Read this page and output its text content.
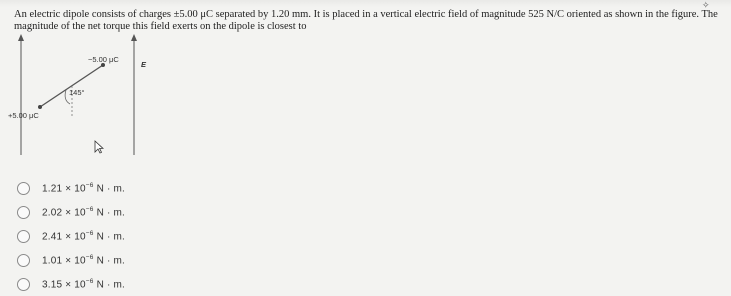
✧
An electric dipole consists of charges ±5.00 μC separated by 1.20 mm. It is placed in a vertical electric field of magnitude 525 N/C oriented as shown in the figure. The magnitude of the net torque this field exerts on the dipole is closest to
−5.00 μC
+5.00 μC
145°
E
$1.21 \times 10^{-6}$ N · m.
$2.02 \times 10^{-6}$ N · m.
$2.41 \times 10^{-6}$ N · m.
$1.01 \times 10^{-6}$ N · m.
$3.15 \times 10^{-6}$ N · m.
